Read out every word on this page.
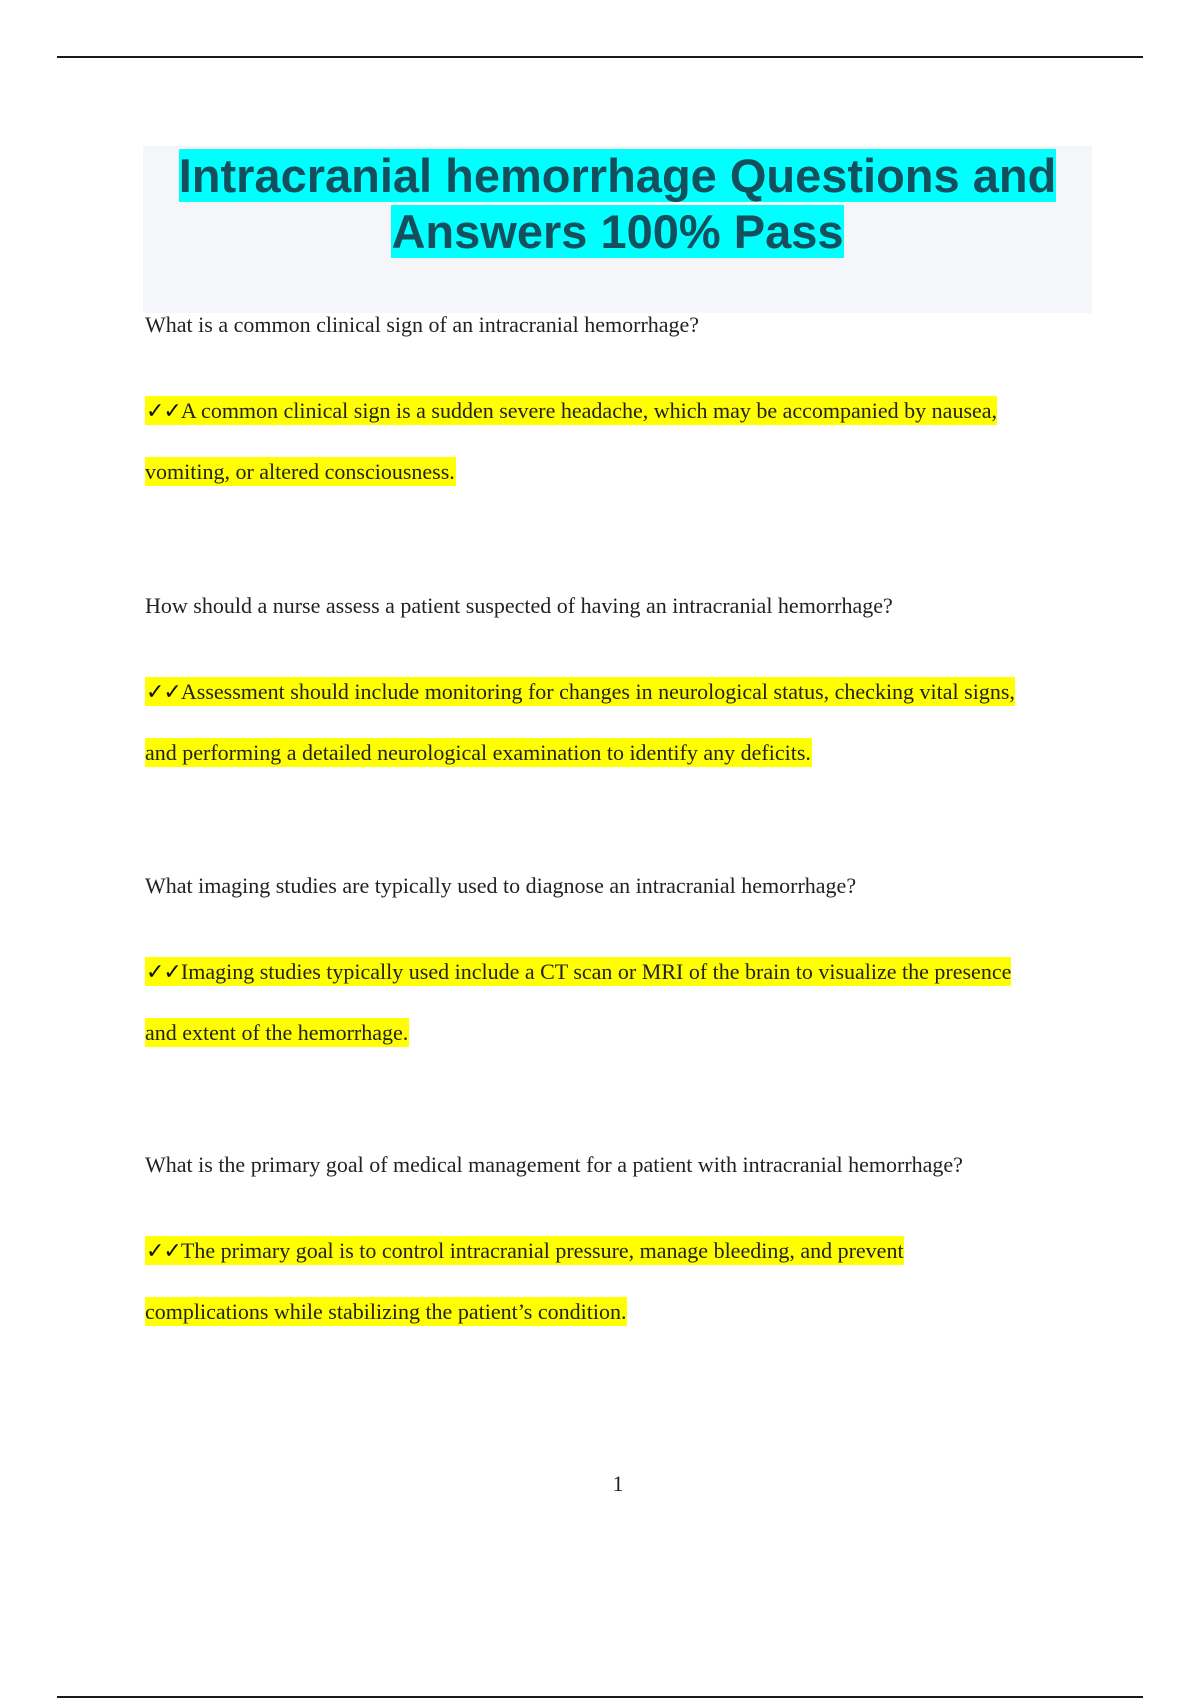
Intracranial hemorrhage Questions and Answers 100% Pass

What is a common clinical sign of an intracranial hemorrhage?

✓✓A common clinical sign is a sudden severe headache, which may be accompanied by nausea, vomiting, or altered consciousness.

How should a nurse assess a patient suspected of having an intracranial hemorrhage?

✓✓Assessment should include monitoring for changes in neurological status, checking vital signs, and performing a detailed neurological examination to identify any deficits.

What imaging studies are typically used to diagnose an intracranial hemorrhage?

✓✓Imaging studies typically used include a CT scan or MRI of the brain to visualize the presence and extent of the hemorrhage.

What is the primary goal of medical management for a patient with intracranial hemorrhage?

✓✓The primary goal is to control intracranial pressure, manage bleeding, and prevent complications while stabilizing the patient’s condition.

1
